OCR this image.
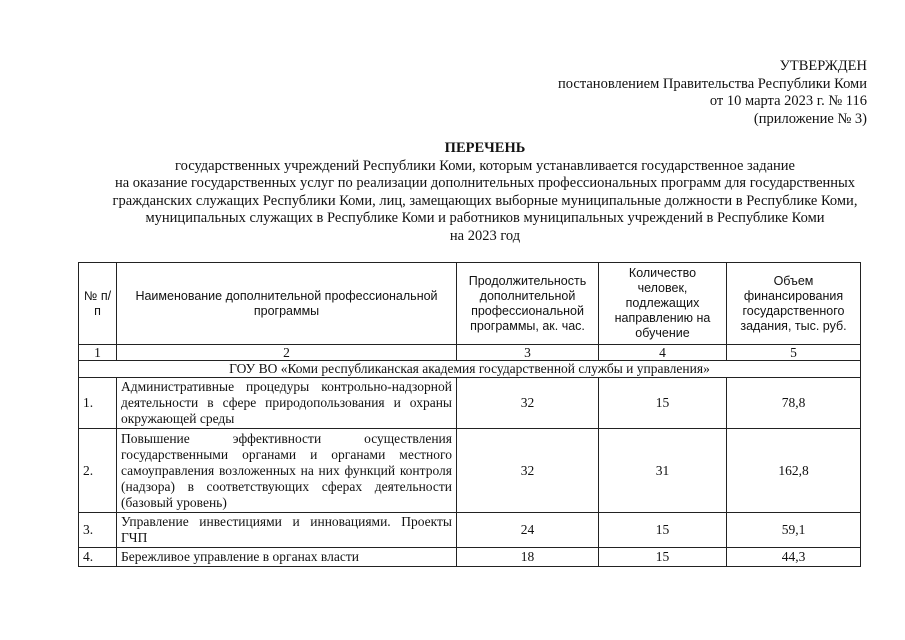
УТВЕРЖДЕН
постановлением Правительства Республики Коми
от 10 марта 2023 г. № 116
(приложение № 3)
ПЕРЕЧЕНЬ
государственных учреждений Республики Коми, которым устанавливается государственное задание
на оказание государственных услуг по реализации дополнительных профессиональных программ для государственных
гражданских служащих Республики Коми, лиц, замещающих выборные муниципальные должности в Республике Коми,
муниципальных служащих в Республике Коми и работников муниципальных учреждений в Республике Коми
на 2023 год
№ п/п	Наименование дополнительной профессиональной программы	Продолжительность дополнительной профессиональной программы, ак. час.	Количество человек, подлежащих направлению на обучение	Объем финансирования государственного задания, тыс. руб.
1	2	3	4	5
ГОУ ВО «Коми республиканская академия государственной службы и управления»				
1.	Административные процедуры контрольно-надзорной деятельности в сфере природопользования и охраны окружающей среды	32	15	78,8
2.	Повышение эффективности осуществления государственными органами и органами местного самоуправления возложенных на них функций контроля (надзора) в соответствующих сферах деятельности (базовый уровень)	32	31	162,8
3.	Управление инвестициями и инновациями. Проекты ГЧП	24	15	59,1
4.	Бережливое управление в органах власти	18	15	44,3
